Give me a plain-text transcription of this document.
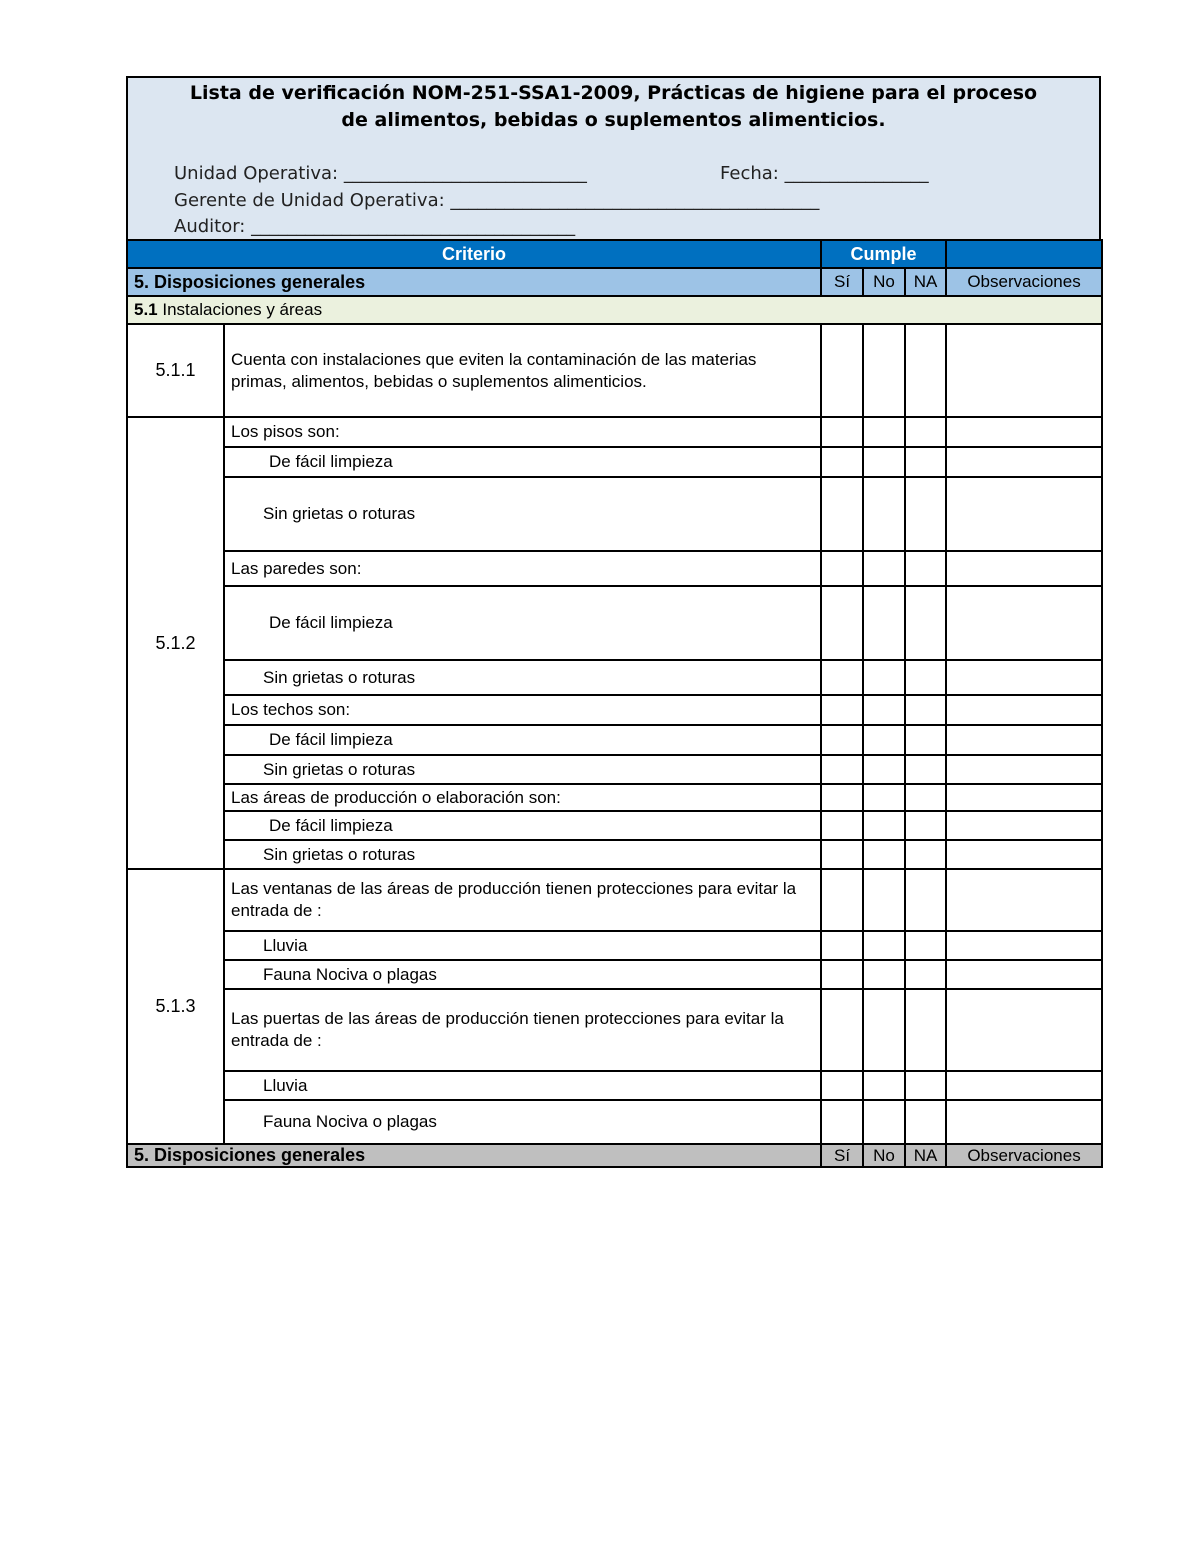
Lista de verificación NOM-251-SSA1-2009, Prácticas de higiene para el proceso
de alimentos, bebidas o suplementos alimenticios.
Unidad Operativa: ___________________________	Fecha: ________________
Gerente de Unidad Operativa: _________________________________________
Auditor: ____________________________________
Criterio		Cumple			
5. Disposiciones generales		Sí	No	NA	Observaciones
5.1 Instalaciones y áreas					
5.1.1	Cuenta con instalaciones que eviten la contaminación de las materias primas, alimentos, bebidas o suplementos alimenticios.				
5.1.2	Los pisos son:				
	De fácil limpieza				
	Sin grietas o roturas				
	Las paredes son:				
	De fácil limpieza				
	Sin grietas o roturas				
	Los techos son:				
	De fácil limpieza				
	Sin grietas o roturas				
	Las áreas de producción o elaboración son:				
	De fácil limpieza				
	Sin grietas o roturas				
5.1.3	Las ventanas de las áreas de producción tienen protecciones para evitar la entrada de :				
	Lluvia				
	Fauna Nociva o plagas				
	Las puertas de las áreas de producción tienen protecciones para evitar la entrada de :				
	Lluvia				
	Fauna Nociva o plagas				
5. Disposiciones generales		Sí	No	NA	Observaciones
